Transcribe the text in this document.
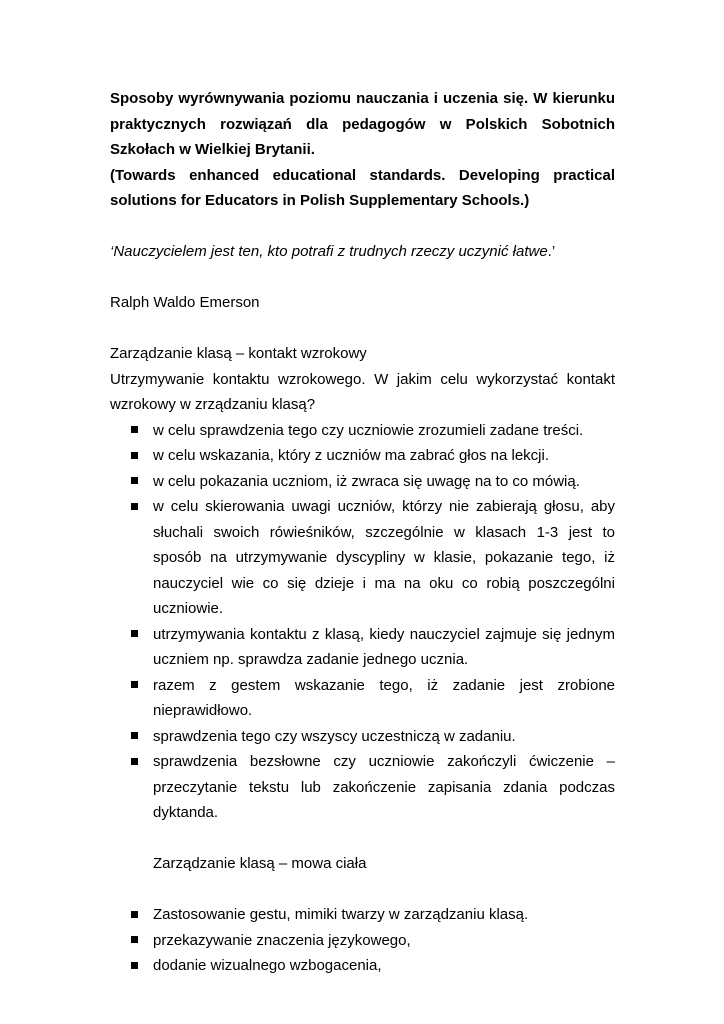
Sposoby wyrównywania poziomu nauczania i uczenia się. W kierunku praktycznych rozwiązań dla pedagogów w Polskich Sobotnich Szkołach w Wielkiej Brytanii.
(Towards enhanced educational standards. Developing practical solutions for Educators in Polish Supplementary Schools.)

‘Nauczycielem jest ten, kto potrafi z trudnych rzeczy uczynić łatwe.’

Ralph Waldo Emerson

Zarządzanie klasą – kontakt wzrokowy

Utrzymywanie kontaktu wzrokowego. W jakim celu wykorzystać kontakt wzrokowy w zrządzaniu klasą?

w celu sprawdzenia tego czy uczniowie zrozumieli zadane treści.
w celu wskazania, który z uczniów ma zabrać głos na lekcji.
w celu pokazania uczniom, iż zwraca się uwagę na to co mówią.
w celu skierowania uwagi uczniów, którzy nie zabierają głosu, aby słuchali swoich rówieśników, szczególnie w klasach 1-3 jest to sposób na utrzymywanie dyscypliny w klasie, pokazanie tego, iż nauczyciel wie co się dzieje i ma na oku co robią poszczególni uczniowie.
utrzymywania kontaktu z klasą, kiedy nauczyciel zajmuje się jednym uczniem np. sprawdza zadanie jednego ucznia.
razem z gestem wskazanie tego, iż zadanie jest zrobione nieprawidłowo.
sprawdzenia tego czy wszyscy uczestniczą w zadaniu.
sprawdzenia bezsłowne czy uczniowie zakończyli ćwiczenie – przeczytanie tekstu lub zakończenie zapisania zdania podczas dyktanda.

Zarządzanie klasą – mowa ciała

Zastosowanie gestu, mimiki twarzy w zarządzaniu klasą.
przekazywanie znaczenia językowego,
dodanie wizualnego wzbogacenia,
